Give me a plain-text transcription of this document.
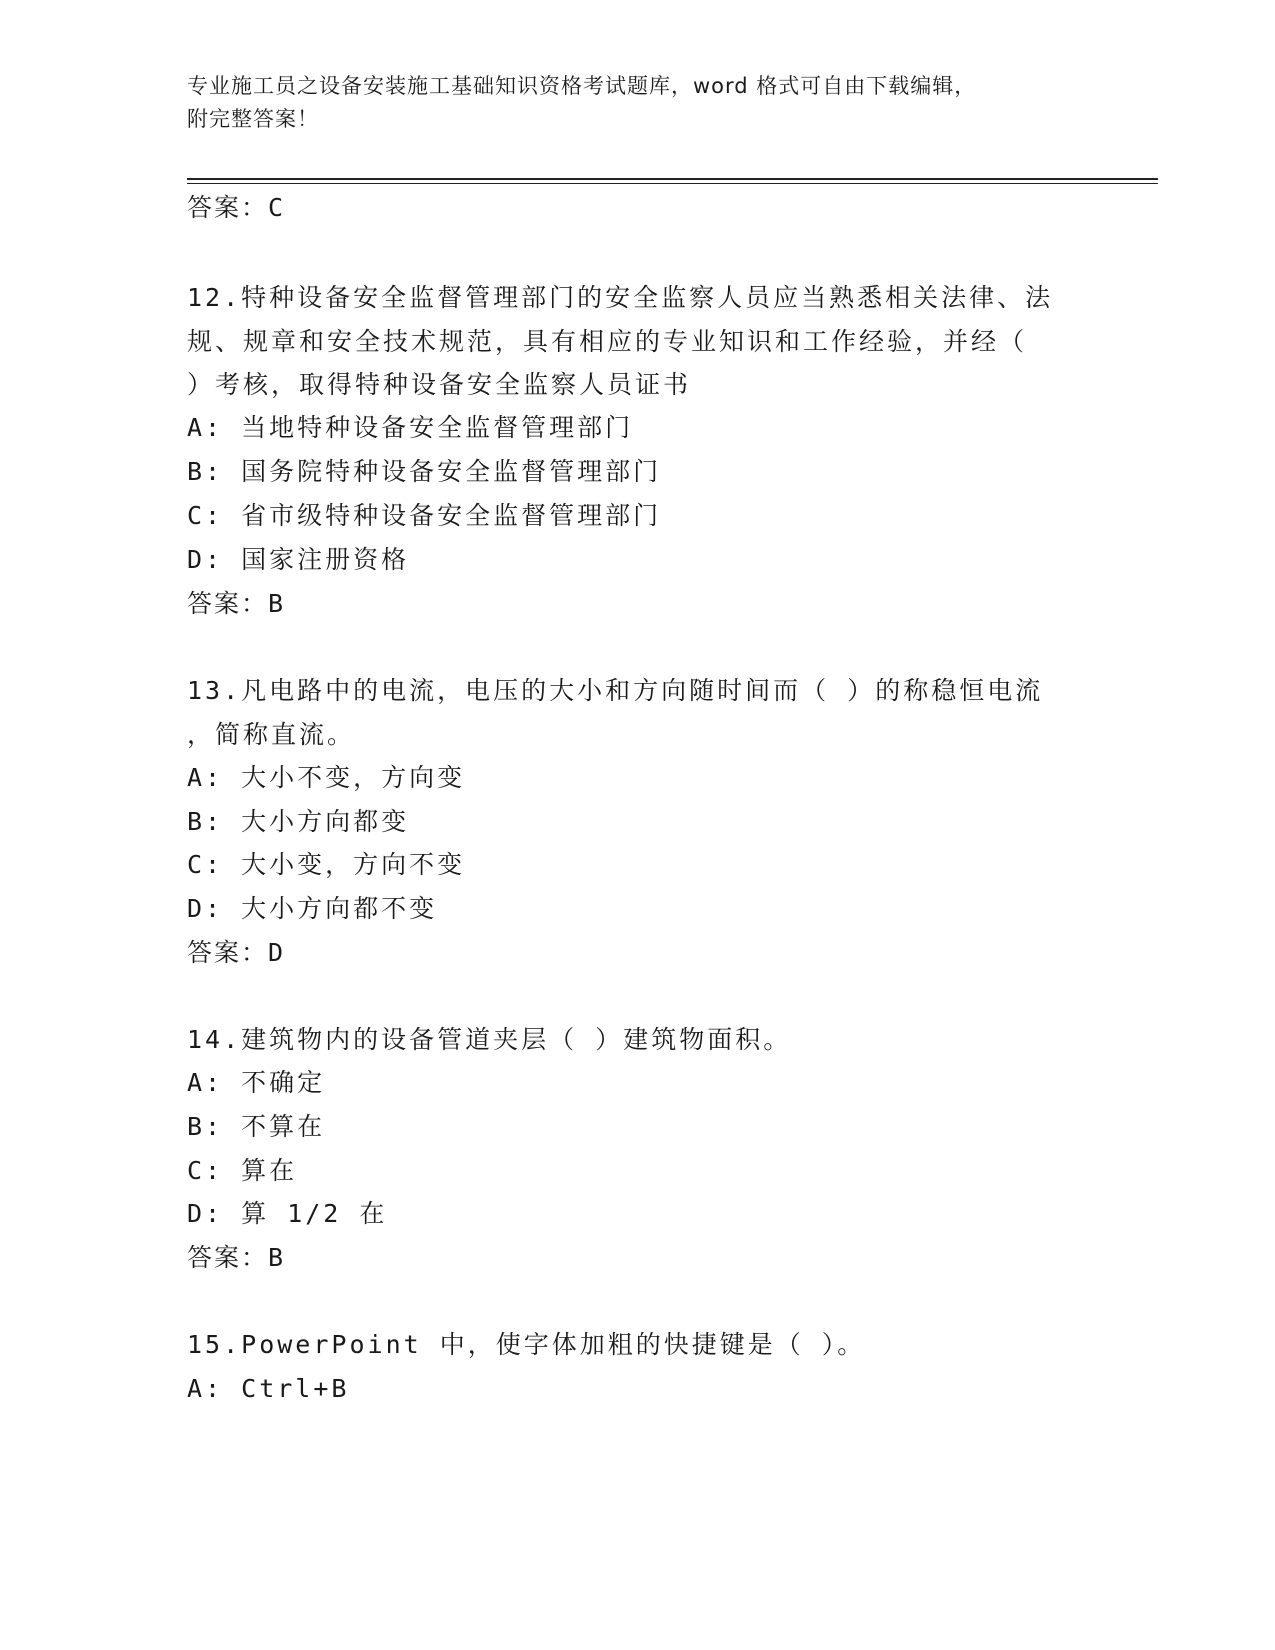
专业施工员之设备安装施工基础知识资格考试题库，word 格式可自由下载编辑，
附完整答案！
答案：C
12.特种设备安全监督管理部门的安全监察人员应当熟悉相关法律、法
规、规章和安全技术规范，具有相应的专业知识和工作经验，并经（
）考核，取得特种设备安全监察人员证书
A: 当地特种设备安全监督管理部门
B: 国务院特种设备安全监督管理部门
C: 省市级特种设备安全监督管理部门
D: 国家注册资格
答案：B
13.凡电路中的电流，电压的大小和方向随时间而（ ）的称稳恒电流
，简称直流。
A: 大小不变，方向变
B: 大小方向都变
C: 大小变，方向不变
D: 大小方向都不变
答案：D
14.建筑物内的设备管道夹层（ ）建筑物面积。
A: 不确定
B: 不算在
C: 算在
D: 算 1/2 在
答案：B
15.PowerPoint 中，使字体加粗的快捷键是（ ）。
A: Ctrl+B
